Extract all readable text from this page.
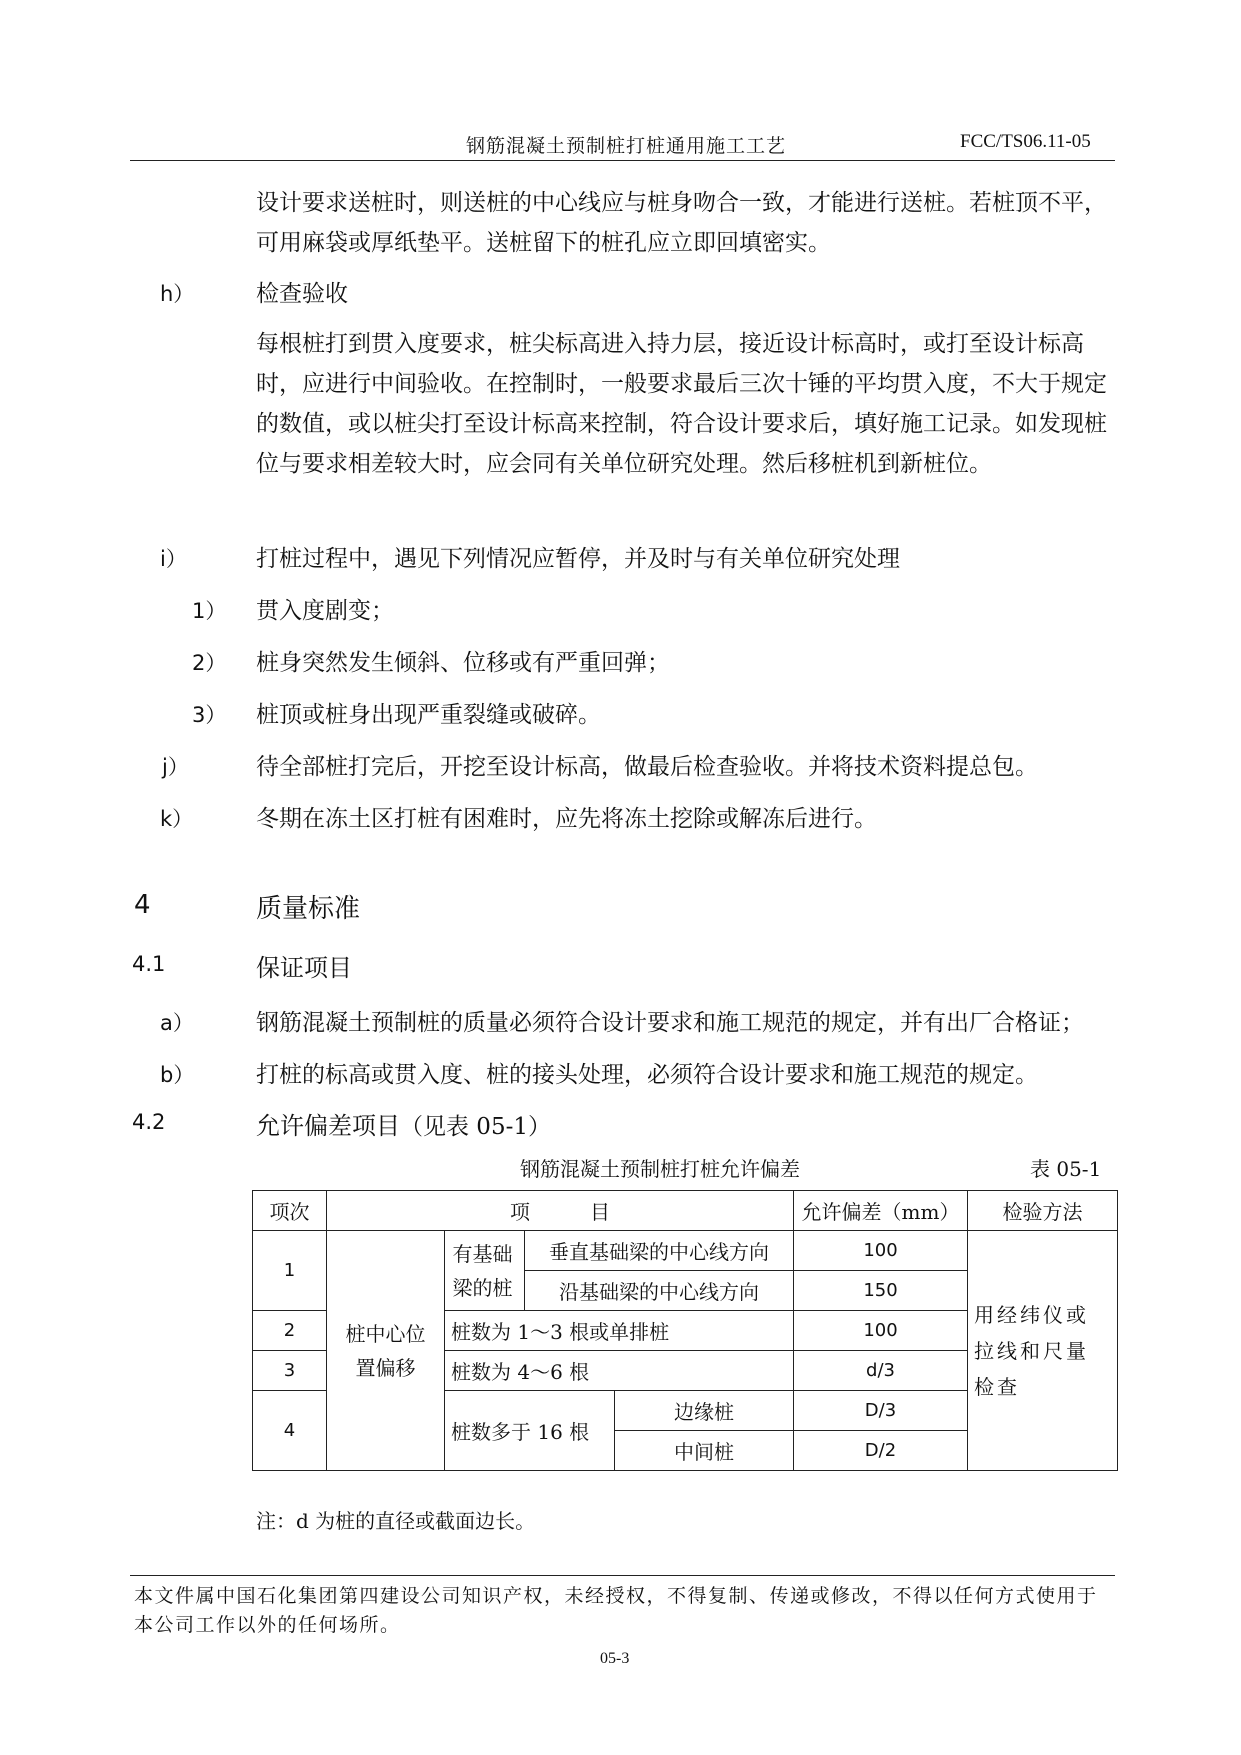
钢筋混凝土预制桩打桩通用施工工艺	FCC/TS06.11-05

设计要求送桩时，则送桩的中心线应与桩身吻合一致，才能进行送桩。若桩顶不平，可用麻袋或厚纸垫平。送桩留下的桩孔应立即回填密实。

h）	检查验收

每根桩打到贯入度要求，桩尖标高进入持力层，接近设计标高时，或打至设计标高时，应进行中间验收。在控制时，一般要求最后三次十锤的平均贯入度，不大于规定的数值，或以桩尖打至设计标高来控制，符合设计要求后，填好施工记录。如发现桩位与要求相差较大时，应会同有关单位研究处理。然后移桩机到新桩位。

i）	打桩过程中，遇见下列情况应暂停，并及时与有关单位研究处理
1） 贯入度剧变；
2） 桩身突然发生倾斜、位移或有严重回弹；
3） 桩顶或桩身出现严重裂缝或破碎。
j）	待全部桩打完后，开挖至设计标高，做最后检查验收。并将技术资料提总包。
k）	冬期在冻土区打桩有困难时，应先将冻土挖除或解冻后进行。
4	质量标准
4.1	保证项目
a）	钢筋混凝土预制桩的质量必须符合设计要求和施工规范的规定，并有出厂合格证；
b）	打桩的标高或贯入度、桩的接头处理，必须符合设计要求和施工规范的规定。
4.2	允许偏差项目（见表 05-1）
钢筋混凝土预制桩打桩允许偏差	表 05-1
项次	项　　　目				允许偏差（mm）	检验方法
1	桩中心位置偏移	有基础梁的桩	垂直基础梁的中心线方向		100	用经纬仪或拉线和尺量检查

			沿基础梁的中心线方向		150	
2		桩数为 1～3 根或单排桩			100	
3		桩数为 4～6 根			d/3	
4		桩数多于 16 根		边缘桩	D/3	
				中间桩	D/2	
注：d 为桩的直径或截面边长。
本文件属中国石化集团第四建设公司知识产权，未经授权，不得复制、传递或修改，不得以任何方式使用于本公司工作以外的任何场所。
05-3
